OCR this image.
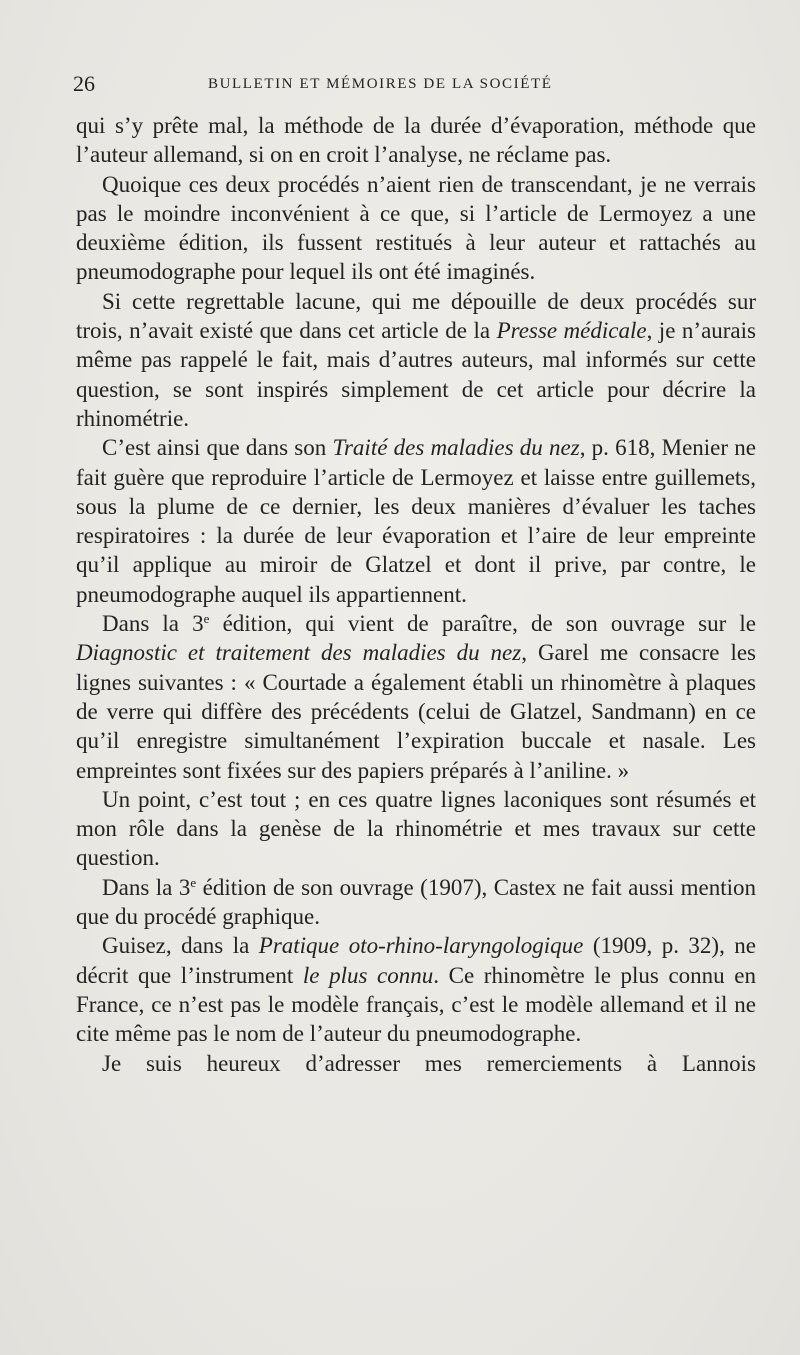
26	BULLETIN ET MÉMOIRES DE LA SOCIÉTÉ

qui s’y prête mal, la méthode de la durée d’évaporation, méthode que l’auteur allemand, si on en croit l’analyse, ne réclame pas.

Quoique ces deux procédés n’aient rien de transcendant, je ne verrais pas le moindre inconvénient à ce que, si l’article de Lermoyez a une deuxième édition, ils fussent restitués à leur auteur et rattachés au pneumodographe pour lequel ils ont été imaginés.

Si cette regrettable lacune, qui me dépouille de deux procédés sur trois, n’avait existé que dans cet article de la Presse médicale, je n’aurais même pas rappelé le fait, mais d’autres auteurs, mal informés sur cette question, se sont inspirés simplement de cet article pour décrire la rhinométrie.

C’est ainsi que dans son Traité des maladies du nez, p. 618, Menier ne fait guère que reproduire l’article de Lermoyez et laisse entre guillemets, sous la plume de ce dernier, les deux manières d’évaluer les taches respiratoires : la durée de leur évaporation et l’aire de leur empreinte qu’il applique au miroir de Glatzel et dont il prive, par contre, le pneumodographe auquel ils appartiennent.

Dans la 3e édition, qui vient de paraître, de son ouvrage sur le Diagnostic et traitement des maladies du nez, Garel me consacre les lignes suivantes : « Courtade a également établi un rhinomètre à plaques de verre qui diffère des précédents (celui de Glatzel, Sandmann) en ce qu’il enregistre simultanément l’expiration buccale et nasale. Les empreintes sont fixées sur des papiers préparés à l’aniline. »

Un point, c’est tout ; en ces quatre lignes laconiques sont résumés et mon rôle dans la genèse de la rhinométrie et mes travaux sur cette question.

Dans la 3e édition de son ouvrage (1907), Castex ne fait aussi mention que du procédé graphique.

Guisez, dans la Pratique oto-rhino-laryngologique (1909, p. 32), ne décrit que l’instrument le plus connu. Ce rhinomètre le plus connu en France, ce n’est pas le modèle français, c’est le modèle allemand et il ne cite même pas le nom de l’auteur du pneumodographe.

Je suis heureux d’adresser mes remerciements à Lannois
